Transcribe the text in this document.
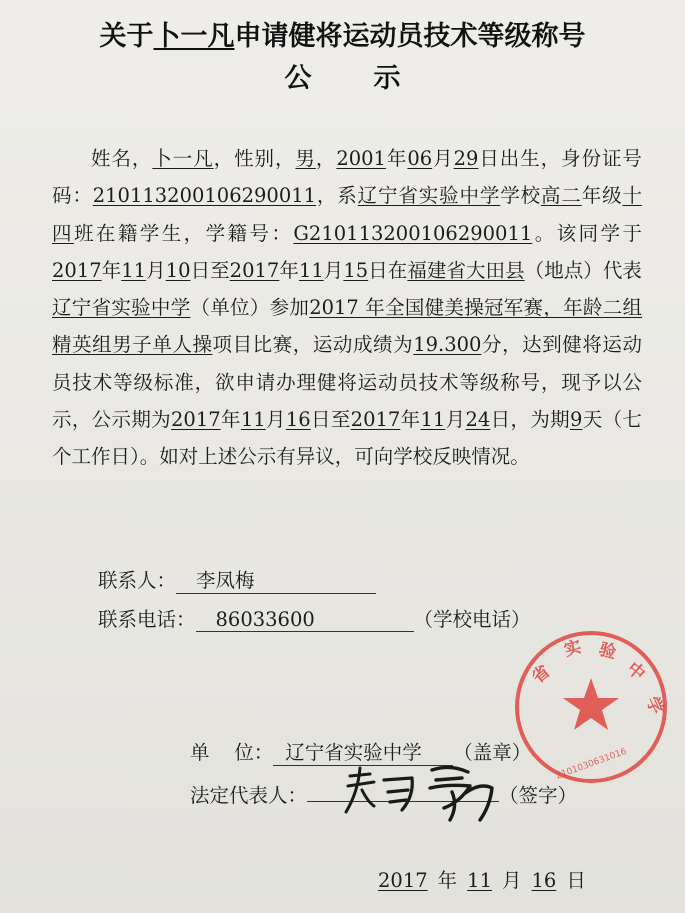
关于卜一凡申请健将运动员技术等级称号
公示
姓名，卜一凡，性别，男，2001年06月29日出生，身份证号码：210113200106290011，系辽宁省实验中学学校高二年级十四班在籍学生，学籍号：G210113200106290011。该同学于2017年11月10日至2017年11月15日在福建省大田县（地点）代表辽宁省实验中学（单位）参加2017 年全国健美操冠军赛，年龄二组精英组男子单人操项目比赛，运动成绩为19.300分，达到健将运动员技术等级标准，欲申请办理健将运动员技术等级称号，现予以公示，公示期为2017年11月16日至2017年11月24日，为期9天（七个工作日）。如对上述公示有异议，可向学校反映情况。
联系人： 李凤梅
联系电话： 86033600	（学校电话）
单    位： 辽宁省实验中学 （盖章）
法定代表人：	（签字）
省
实 验
中
学
2101030631016
2017 年 11 月 16 日
